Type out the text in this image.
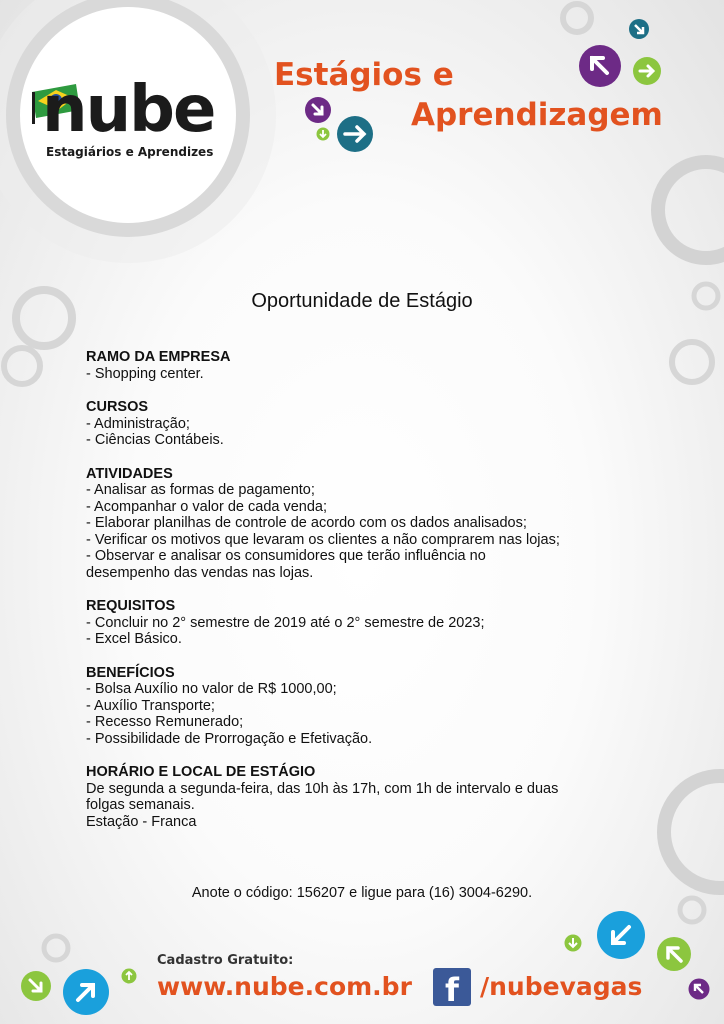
nube
Estagiários e Aprendizes
Estágios e
Aprendizagem
Oportunidade de Estágio
RAMO DA EMPRESA

- Shopping center.

CURSOS

- Administração;

- Ciências Contábeis.

ATIVIDADES

- Analisar as formas de pagamento;

- Acompanhar o valor de cada venda;

- Elaborar planilhas de controle de acordo com os dados analisados;

- Verificar os motivos que levaram os clientes a não comprarem nas lojas;

- Observar e analisar os consumidores que terão influência no

desempenho das vendas nas lojas.

REQUISITOS

- Concluir no 2° semestre de 2019 até o 2° semestre de 2023;

- Excel Básico.

BENEFÍCIOS

- Bolsa Auxílio no valor de R$ 1000,00;

- Auxílio Transporte;

- Recesso Remunerado;

- Possibilidade de Prorrogação e Efetivação.

HORÁRIO E LOCAL DE ESTÁGIO

De segunda a segunda-feira, das 10h às 17h, com 1h de intervalo e duas

folgas semanais.

Estação - Franca

Anote o código: 156207 e ligue para (16) 3004-6290.
Cadastro Gratuito:
www.nube.com.br	f /nubevagas
